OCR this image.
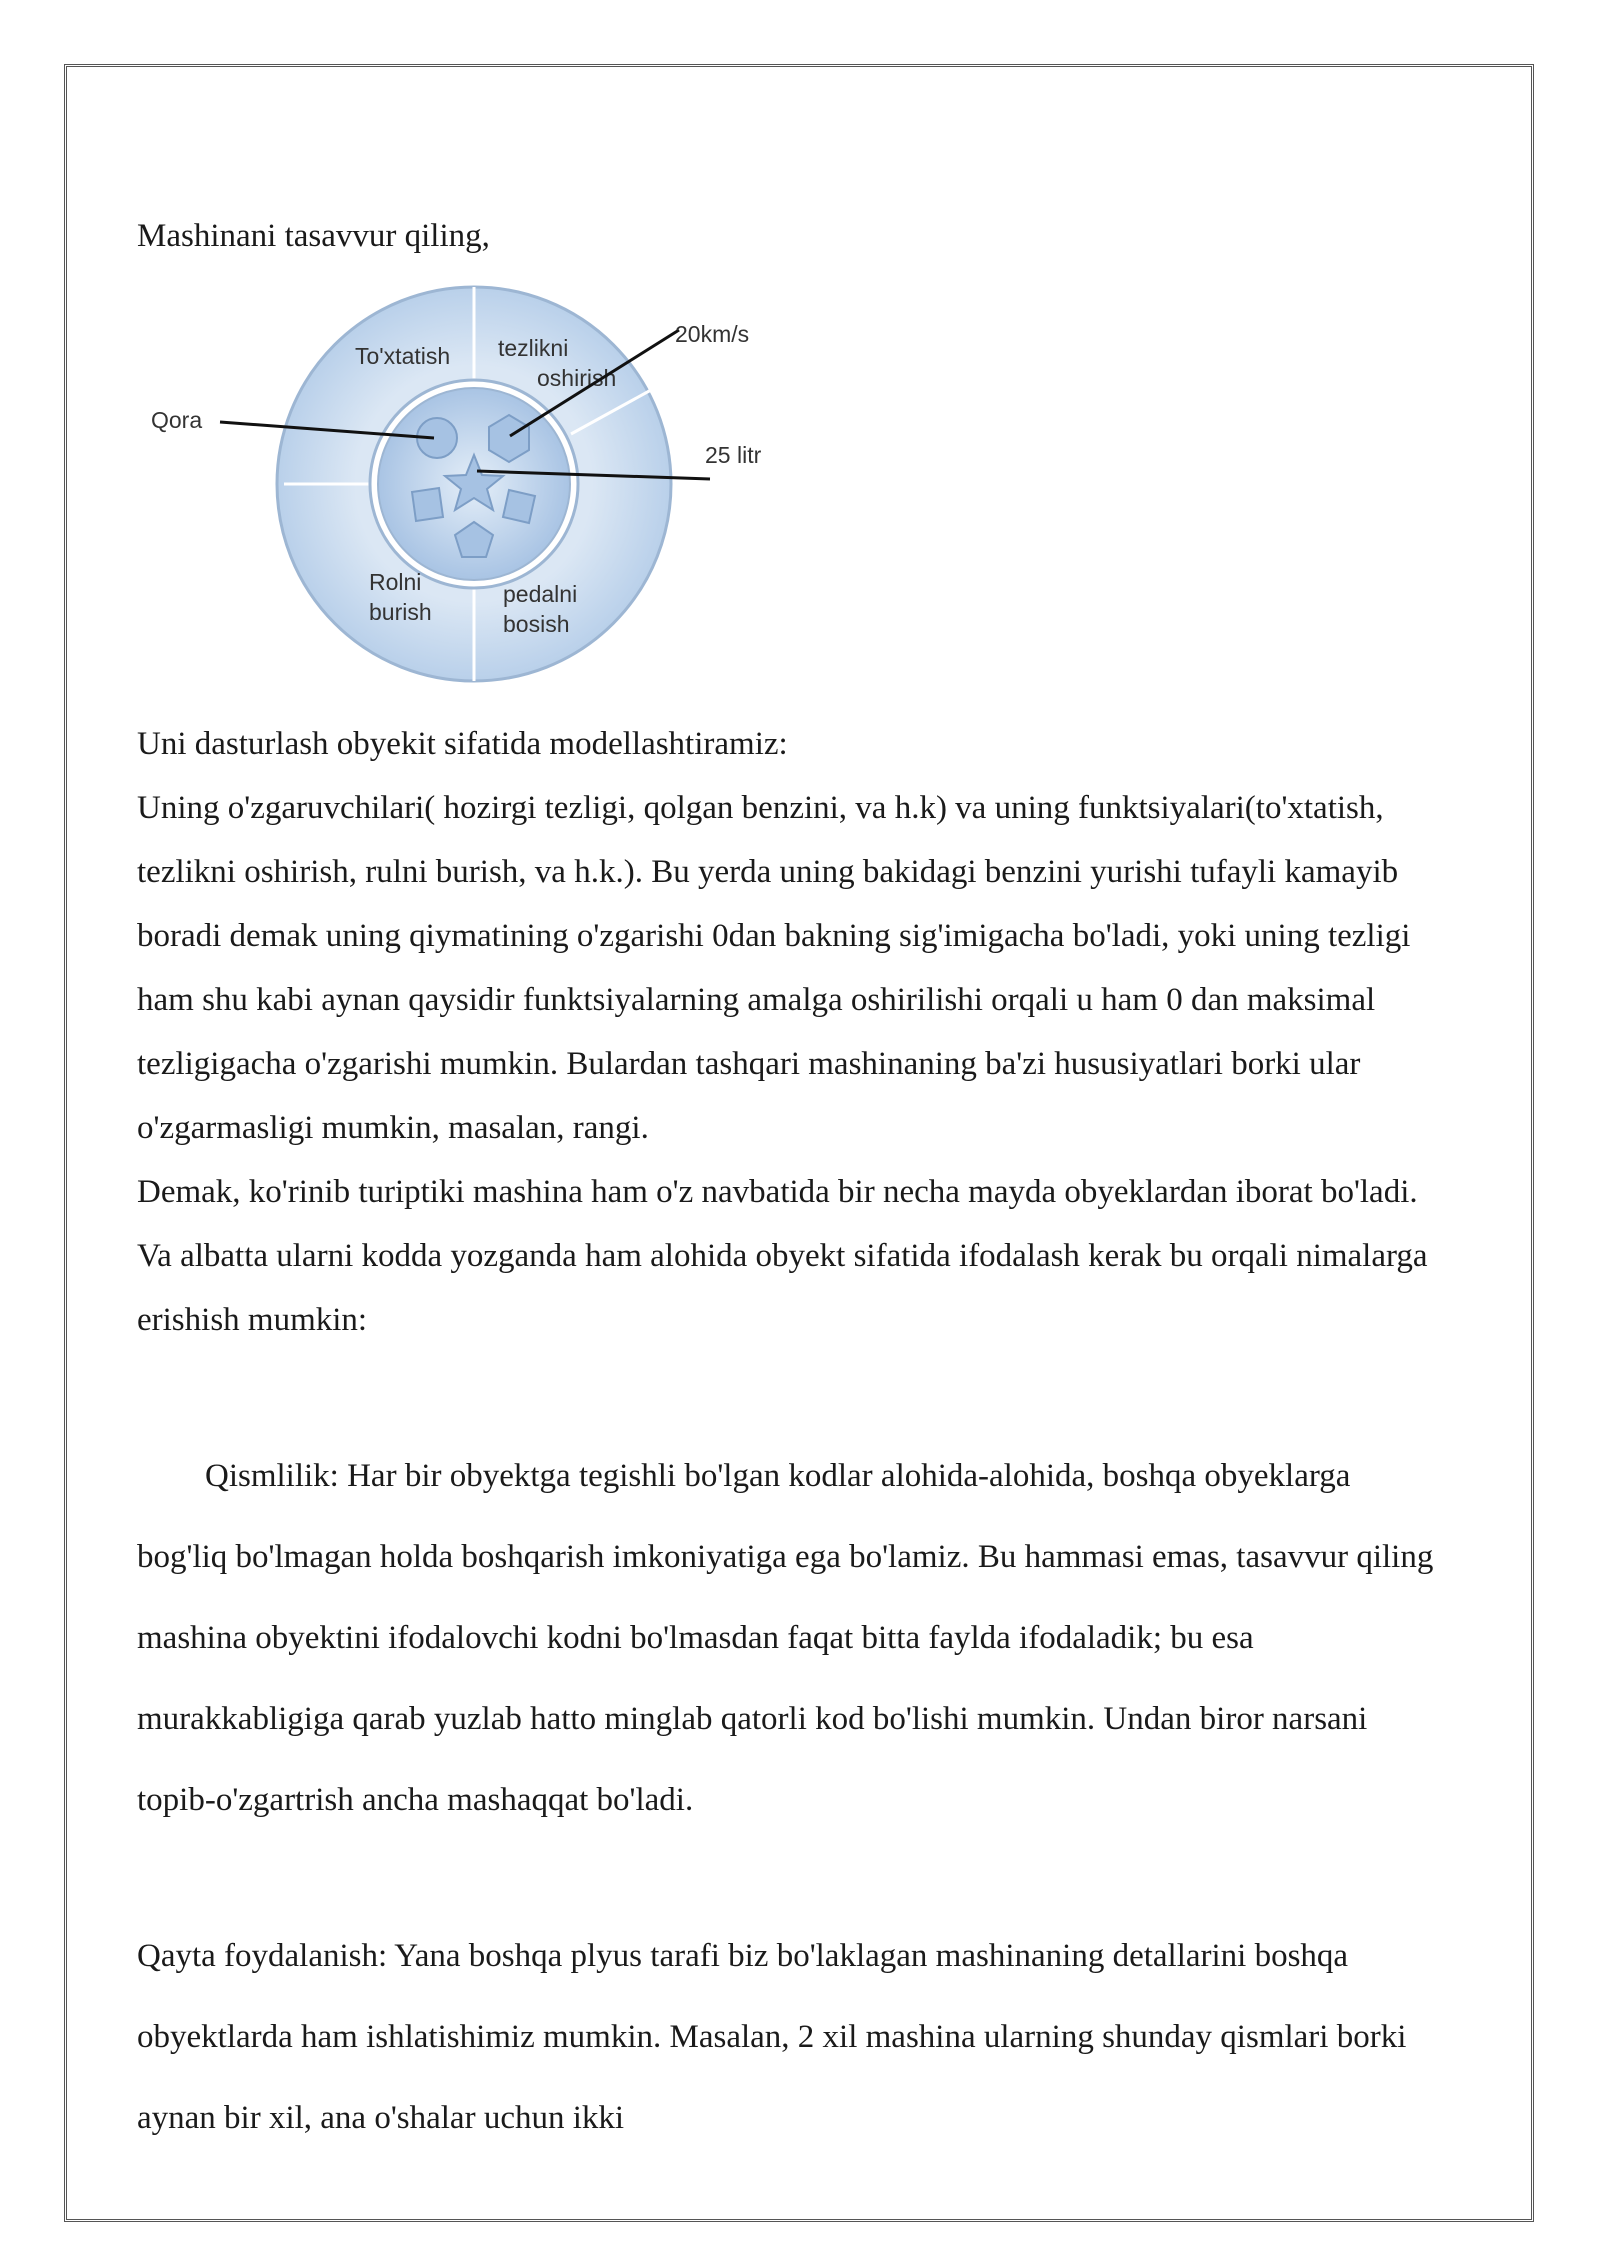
Mashinani tasavvur qiling,

To'xtatish tezlikni
oshirish
Rolni
burish
pedalni
bosish
Qora
20km/s
25 litr

Uni dasturlash obyekit sifatida modellashtiramiz:
Uning o'zgaruvchilari( hozirgi tezligi, qolgan benzini, va h.k) va uning funktsiyalari(to'xtatish, tezlikni oshirish, rulni burish, va h.k.). Bu yerda uning bakidagi benzini yurishi tufayli kamayib boradi demak uning qiymatining o'zgarishi 0dan bakning sig'imigacha bo'ladi, yoki uning tezligi ham shu kabi aynan qaysidir funktsiyalarning amalga oshirilishi orqali u ham 0 dan maksimal tezligigacha o'zgarishi mumkin. Bulardan tashqari mashinaning ba'zi hususiyatlari borki ular o'zgarmasligi mumkin, masalan, rangi.
Demak, ko'rinib turiptiki mashina ham o'z navbatida bir necha mayda obyeklardan iborat bo'ladi. Va albatta ularni kodda yozganda ham alohida obyekt sifatida ifodalash kerak bu orqali nimalarga erishish mumkin:

Qismlilik: Har bir obyektga tegishli bo'lgan kodlar alohida-alohida, boshqa obyeklarga bog'liq bo'lmagan holda boshqarish imkoniyatiga ega bo'lamiz. Bu hammasi emas, tasavvur qiling mashina obyektini ifodalovchi kodni bo'lmasdan faqat bitta faylda ifodaladik; bu esa murakkabligiga qarab yuzlab hatto minglab qatorli kod bo'lishi mumkin. Undan biror narsani topib-o'zgartrish ancha mashaqqat bo'ladi.

Qayta foydalanish: Yana boshqa plyus tarafi biz bo'laklagan mashinaning detallarini boshqa obyektlarda ham ishlatishimiz mumkin. Masalan, 2 xil mashina ularning shunday qismlari borki aynan bir xil, ana o'shalar uchun ikki
